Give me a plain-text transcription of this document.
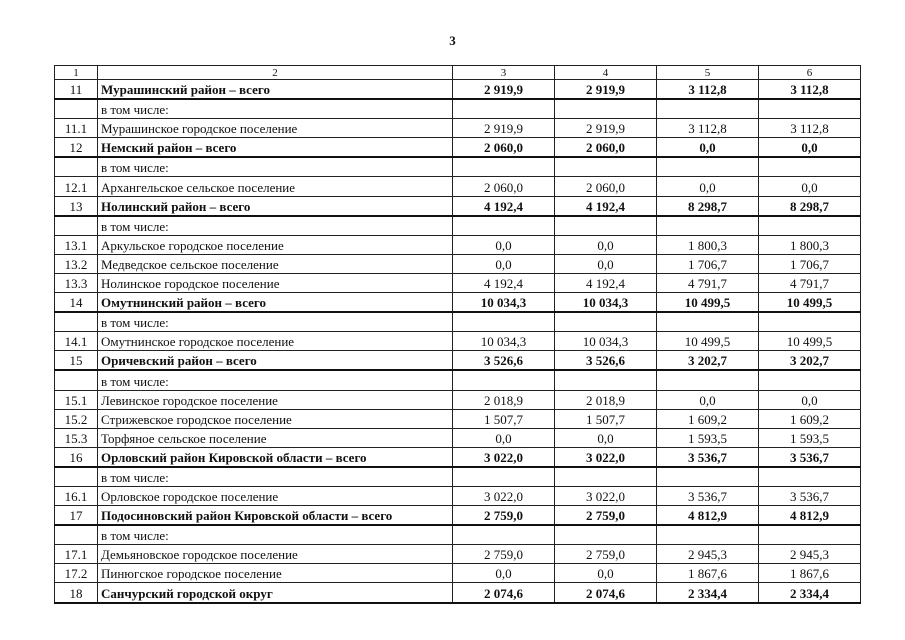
3
1	2	3	4	5	6
11	Мурашинский район – всего	2 919,9	2 919,9	3 112,8	3 112,8
	в том числе:				
11.1	Мурашинское городское поселение	2 919,9	2 919,9	3 112,8	3 112,8
12	Немский район – всего	2 060,0	2 060,0	0,0	0,0
	в том числе:				
12.1	Архангельское сельское поселение	2 060,0	2 060,0	0,0	0,0
13	Нолинский район – всего	4 192,4	4 192,4	8 298,7	8 298,7
	в том числе:				
13.1	Аркульское городское поселение	0,0	0,0	1 800,3	1 800,3
13.2	Медведское сельское поселение	0,0	0,0	1 706,7	1 706,7
13.3	Нолинское городское поселение	4 192,4	4 192,4	4 791,7	4 791,7
14	Омутнинский район – всего	10 034,3	10 034,3	10 499,5	10 499,5
	в том числе:				
14.1	Омутнинское городское поселение	10 034,3	10 034,3	10 499,5	10 499,5
15	Оричевский район – всего	3 526,6	3 526,6	3 202,7	3 202,7
	в том числе:				
15.1	Левинское городское поселение	2 018,9	2 018,9	0,0	0,0
15.2	Стрижевское городское поселение	1 507,7	1 507,7	1 609,2	1 609,2
15.3	Торфяное сельское поселение	0,0	0,0	1 593,5	1 593,5
16	Орловский район Кировской области – всего	3 022,0	3 022,0	3 536,7	3 536,7
	в том числе:				
16.1	Орловское городское поселение	3 022,0	3 022,0	3 536,7	3 536,7
17	Подосиновский район Кировской области – всего	2 759,0	2 759,0	4 812,9	4 812,9
	в том числе:				
17.1	Демьяновское городское поселение	2 759,0	2 759,0	2 945,3	2 945,3
17.2	Пинюгское городское поселение	0,0	0,0	1 867,6	1 867,6
18	Санчурский городской округ	2 074,6	2 074,6	2 334,4	2 334,4
